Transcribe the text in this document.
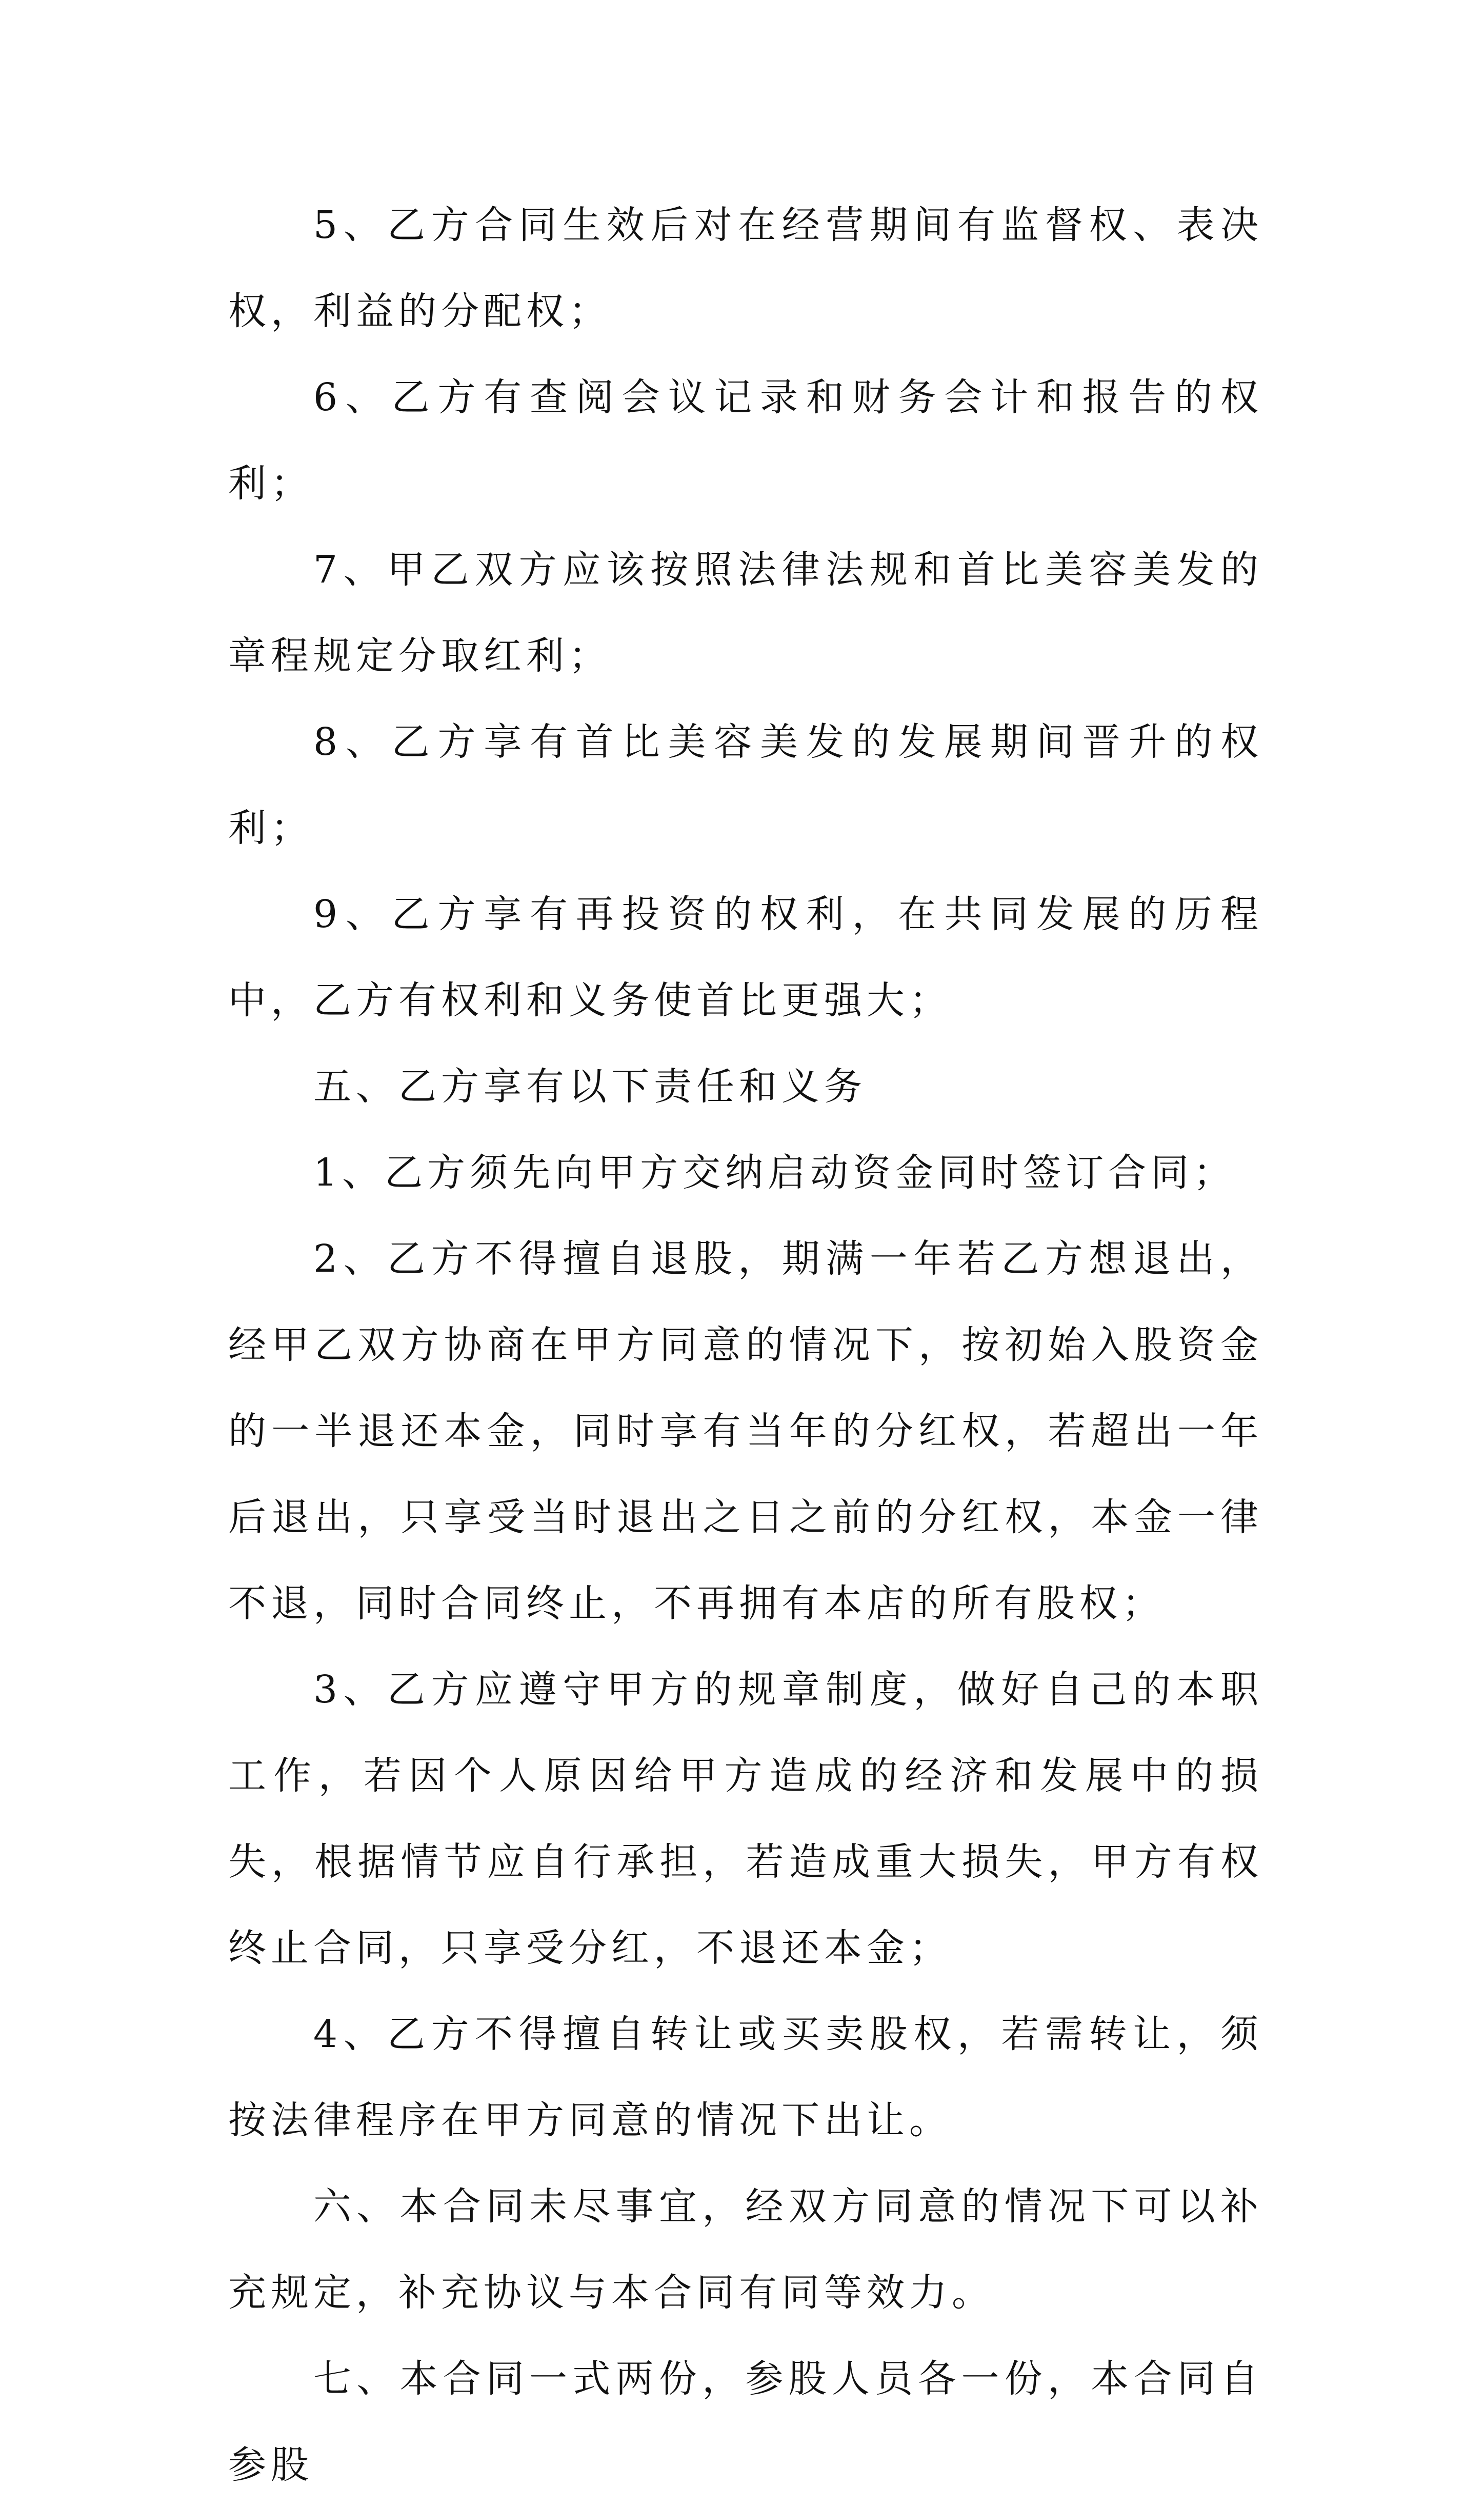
5、乙方合同生效后对在经营期间有监督权、表决权，利益的分配权；

6、乙方有查阅会议记录和财务会计和报告的权利；

7、甲乙双方应该按照法律法规和首比美容美发的章程规定分取红利；

8、乙方享有首比美容美发的发展期间晋升的权利；

9、乙方享有再投资的权利，在共同发展的历程中，乙方有权利和义务使首比更强大；

五、乙方享有以下责任和义务

1、乙方须先向甲方交纳启动资金同时签订合同；

2、乙方不得擅自退股，期满一年若乙方想退出，经甲乙双方协商在甲方同意的情况下，按初始入股资金的一半退还本金，同时享有当年的分红权，若超出一年后退出，只享受当时退出之日之前的分红权，本金一律不退，同时合同终止，不再拥有本店的所有股权；

3、乙方应遵守甲方的规章制度，做好自己的本职工作，若因个人原因给甲方造成的经济和发展中的损失，根据情节应自行承担，若造成重大损失，甲方有权终止合同，只享受分红，不退还本金；

4、乙方不得擅自转让或买卖股权，若需转让，须按法律程序在甲方同意的情况下出让。

六、本合同未尽事宜，经双方同意的情况下可以补充规定，补充协议与本合同有同等效力。

七、本合同一式两份，参股人员各一份，本合同自参股
